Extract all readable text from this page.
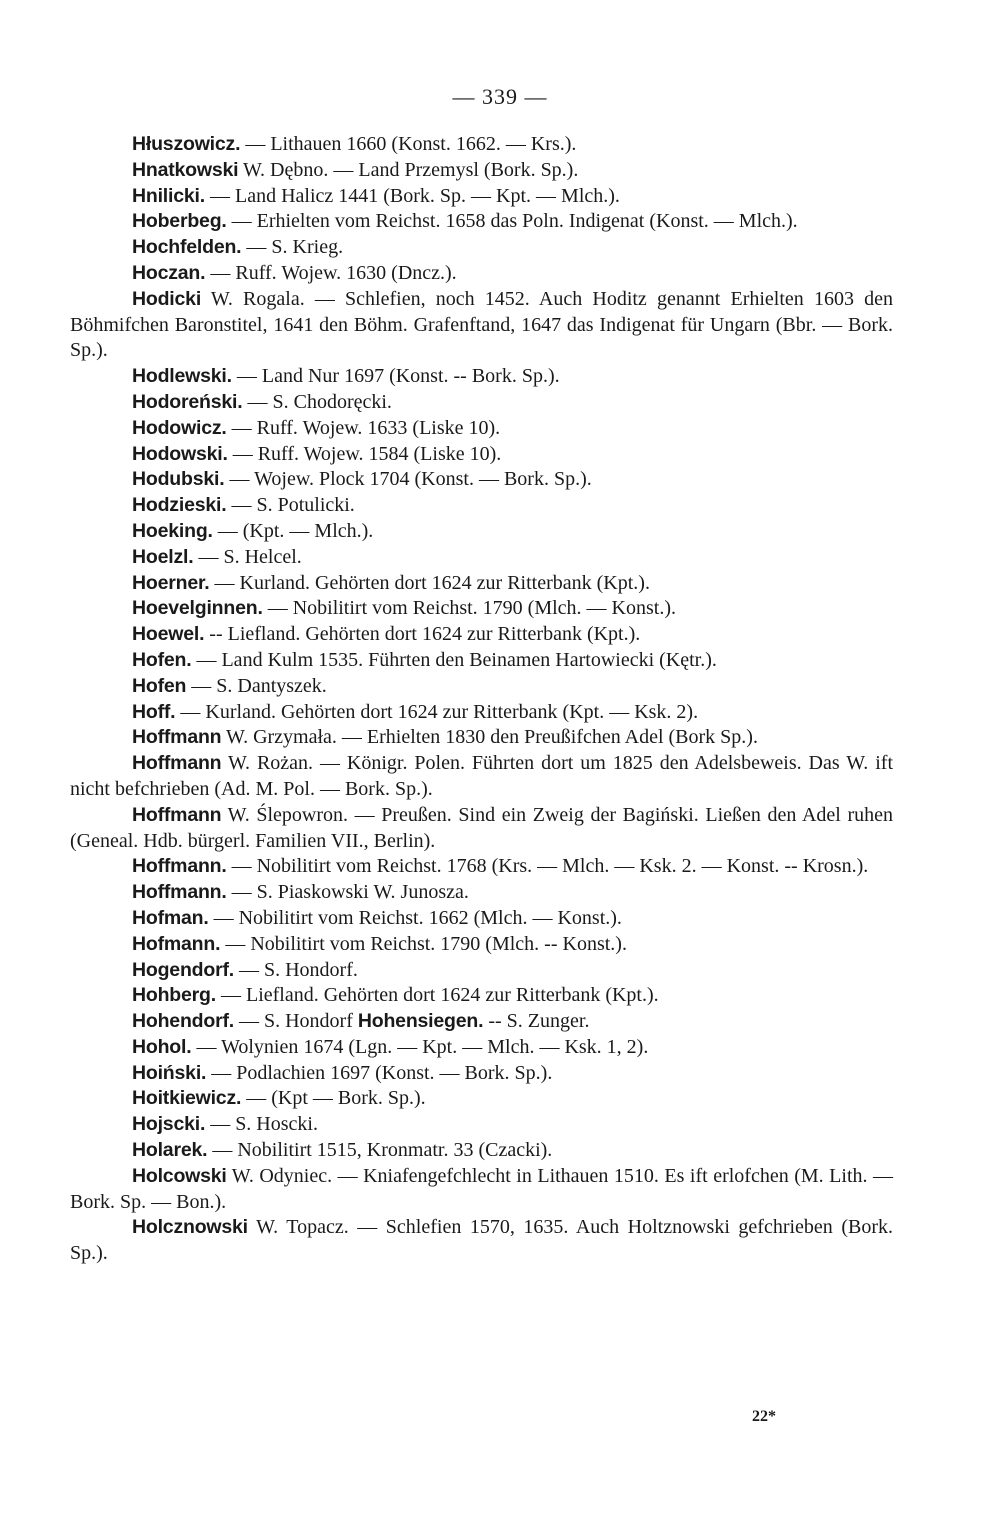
— 339 —

Hłuszowicz. — Lithauen 1660 (Konst. 1662. — Krs.).

Hnatkowski W. Dębno. — Land Przemysl (Bork. Sp.).

Hnilicki. — Land Halicz 1441 (Bork. Sp. — Kpt. — Mlch.).

Hoberbeg. — Erhielten vom Reichst. 1658 das Poln. Indigenat (Konst. — Mlch.).

Hochfelden. — S. Krieg.

Hoczan. — Ruff. Wojew. 1630 (Dncz.).

Hodicki W. Rogala. — Schlefien, noch 1452. Auch Hoditz genannt Erhielten 1603 den Böhmifchen Baronstitel, 1641 den Böhm. Grafenftand, 1647 das Indigenat für Ungarn (Bbr. — Bork. Sp.).

Hodlewski. — Land Nur 1697 (Konst. -- Bork. Sp.).

Hodoreński. — S. Chodoręcki.

Hodowicz. — Ruff. Wojew. 1633 (Liske 10).

Hodowski. — Ruff. Wojew. 1584 (Liske 10).

Hodubski. — Wojew. Plock 1704 (Konst. — Bork. Sp.).

Hodzieski. — S. Potulicki.

Hoeking. — (Kpt. — Mlch.).

Hoelzl. — S. Helcel.

Hoerner. — Kurland. Gehörten dort 1624 zur Ritterbank (Kpt.).

Hoevelginnen. — Nobilitirt vom Reichst. 1790 (Mlch. — Konst.).

Hoewel. -- Liefland. Gehörten dort 1624 zur Ritterbank (Kpt.).

Hofen. — Land Kulm 1535. Führten den Beinamen Hartowiecki (Kętr.).

Hofen — S. Dantyszek.

Hoff. — Kurland. Gehörten dort 1624 zur Ritterbank (Kpt. — Ksk. 2).

Hoffmann W. Grzymała. — Erhielten 1830 den Preußifchen Adel (Bork Sp.).

Hoffmann W. Rożan. — Königr. Polen. Führten dort um 1825 den Adelsbeweis. Das W. ift nicht befchrieben (Ad. M. Pol. — Bork. Sp.).

Hoffmann W. Ślepowron. — Preußen. Sind ein Zweig der Bagiński. Ließen den Adel ruhen (Geneal. Hdb. bürgerl. Familien VII., Berlin).

Hoffmann. — Nobilitirt vom Reichst. 1768 (Krs. — Mlch. — Ksk. 2. — Konst. -- Krosn.).

Hoffmann. — S. Piaskowski W. Junosza.

Hofman. — Nobilitirt vom Reichst. 1662 (Mlch. — Konst.).

Hofmann. — Nobilitirt vom Reichst. 1790 (Mlch. -- Konst.).

Hogendorf. — S. Hondorf.

Hohberg. — Liefland. Gehörten dort 1624 zur Ritterbank (Kpt.).

Hohendorf. — S. Hondorf Hohensiegen. -- S. Zunger.

Hohol. — Wolynien 1674 (Lgn. — Kpt. — Mlch. — Ksk. 1, 2).

Hoiński. — Podlachien 1697 (Konst. — Bork. Sp.).

Hoitkiewicz. — (Kpt — Bork. Sp.).

Hojscki. — S. Hoscki.

Holarek. — Nobilitirt 1515, Kronmatr. 33 (Czacki).

Holcowski W. Odyniec. — Kniafengefchlecht in Lithauen 1510. Es ift erlofchen (M. Lith. — Bork. Sp. — Bon.).

Holcznowski W. Topacz. — Schlefien 1570, 1635. Auch Holtznowski gefchrieben (Bork. Sp.).

22*
